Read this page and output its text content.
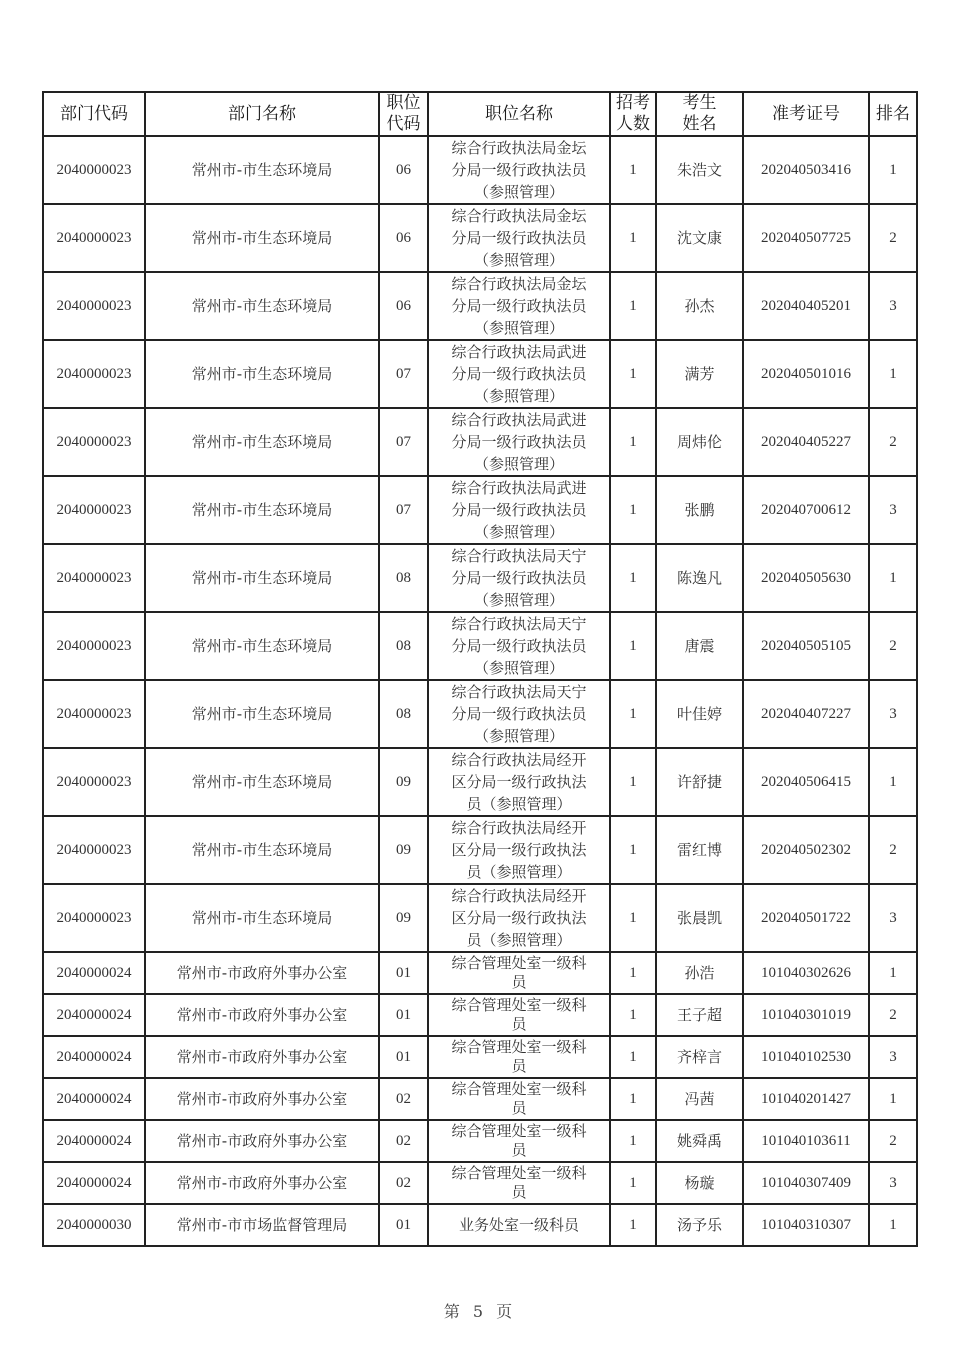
部门代码	部门名称	职位
代码	职位名称	招考
人数	考生
姓名	准考证号	排名
2040000023	常州市-市生态环境局	06	综合行政执法局金坛
分局一级行政执法员
（参照管理）	1	朱浩文	202040503416	1
2040000023	常州市-市生态环境局	06	综合行政执法局金坛
分局一级行政执法员
（参照管理）	1	沈文康	202040507725	2
2040000023	常州市-市生态环境局	06	综合行政执法局金坛
分局一级行政执法员
（参照管理）	1	孙杰	202040405201	3
2040000023	常州市-市生态环境局	07	综合行政执法局武进
分局一级行政执法员
（参照管理）	1	满芳	202040501016	1
2040000023	常州市-市生态环境局	07	综合行政执法局武进
分局一级行政执法员
（参照管理）	1	周炜伦	202040405227	2
2040000023	常州市-市生态环境局	07	综合行政执法局武进
分局一级行政执法员
（参照管理）	1	张鹏	202040700612	3
2040000023	常州市-市生态环境局	08	综合行政执法局天宁
分局一级行政执法员
（参照管理）	1	陈逸凡	202040505630	1
2040000023	常州市-市生态环境局	08	综合行政执法局天宁
分局一级行政执法员
（参照管理）	1	唐震	202040505105	2
2040000023	常州市-市生态环境局	08	综合行政执法局天宁
分局一级行政执法员
（参照管理）	1	叶佳婷	202040407227	3
2040000023	常州市-市生态环境局	09	综合行政执法局经开
区分局一级行政执法
员（参照管理）	1	许舒捷	202040506415	1
2040000023	常州市-市生态环境局	09	综合行政执法局经开
区分局一级行政执法
员（参照管理）	1	雷红博	202040502302	2
2040000023	常州市-市生态环境局	09	综合行政执法局经开
区分局一级行政执法
员（参照管理）	1	张晨凯	202040501722	3
2040000024	常州市-市政府外事办公室	01	综合管理处室一级科
员	1	孙浩	101040302626	1
2040000024	常州市-市政府外事办公室	01	综合管理处室一级科
员	1	王子超	101040301019	2
2040000024	常州市-市政府外事办公室	01	综合管理处室一级科
员	1	齐梓言	101040102530	3
2040000024	常州市-市政府外事办公室	02	综合管理处室一级科
员	1	冯茜	101040201427	1
2040000024	常州市-市政府外事办公室	02	综合管理处室一级科
员	1	姚舜禹	101040103611	2
2040000024	常州市-市政府外事办公室	02	综合管理处室一级科
员	1	杨璇	101040307409	3
2040000030	常州市-市市场监督管理局	01	业务处室一级科员	1	汤予乐	101040310307	1
第 5 页
